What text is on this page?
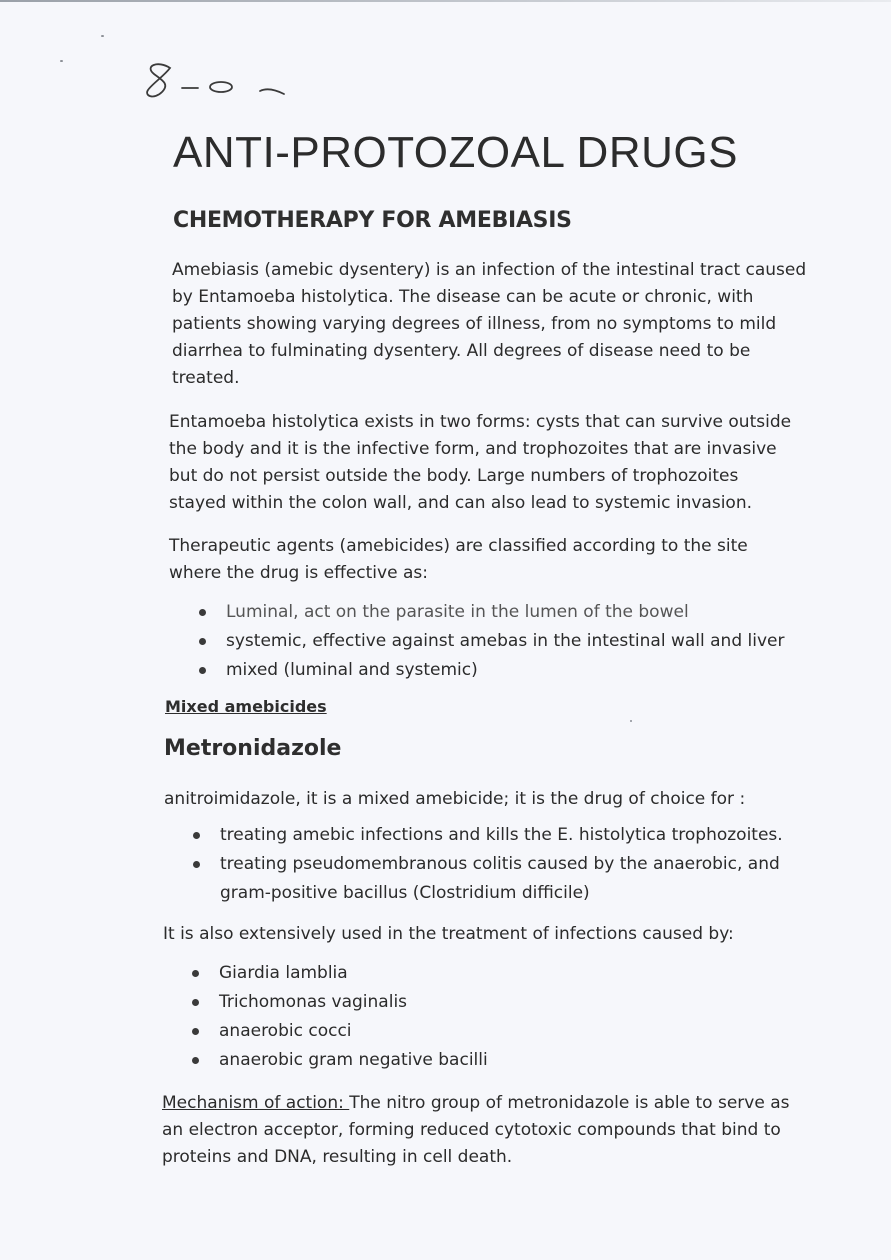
ANTI-PROTOZOAL DRUGS
CHEMOTHERAPY FOR AMEBIASIS

Amebiasis (amebic dysentery) is an infection of the intestinal tract caused by Entamoeba histolytica. The disease can be acute or chronic, with patients showing varying degrees of illness, from no symptoms to mild diarrhea to fulminating dysentery. All degrees of disease need to be treated.

Entamoeba histolytica exists in two forms: cysts that can survive outside the body and it is the infective form, and trophozoites that are invasive but do not persist outside the body. Large numbers of trophozoites stayed within the colon wall, and can also lead to systemic invasion.

Therapeutic agents (amebicides) are classified according to the site where the drug is effective as:

Luminal, act on the parasite in the lumen of the bowel
systemic, effective against amebas in the intestinal wall and liver
mixed (luminal and systemic)

Mixed amebicides

Metronidazole

anitroimidazole, it is a mixed amebicide; it is the drug of choice for :

treating amebic infections and kills the E. histolytica trophozoites.
treating pseudomembranous colitis caused by the anaerobic, and gram-positive bacillus (Clostridium difficile)

It is also extensively used in the treatment of infections caused by:

Giardia lamblia
Trichomonas vaginalis
anaerobic cocci
anaerobic gram negative bacilli

Mechanism of action: The nitro group of metronidazole is able to serve as an electron acceptor, forming reduced cytotoxic compounds that bind to proteins and DNA, resulting in cell death.
